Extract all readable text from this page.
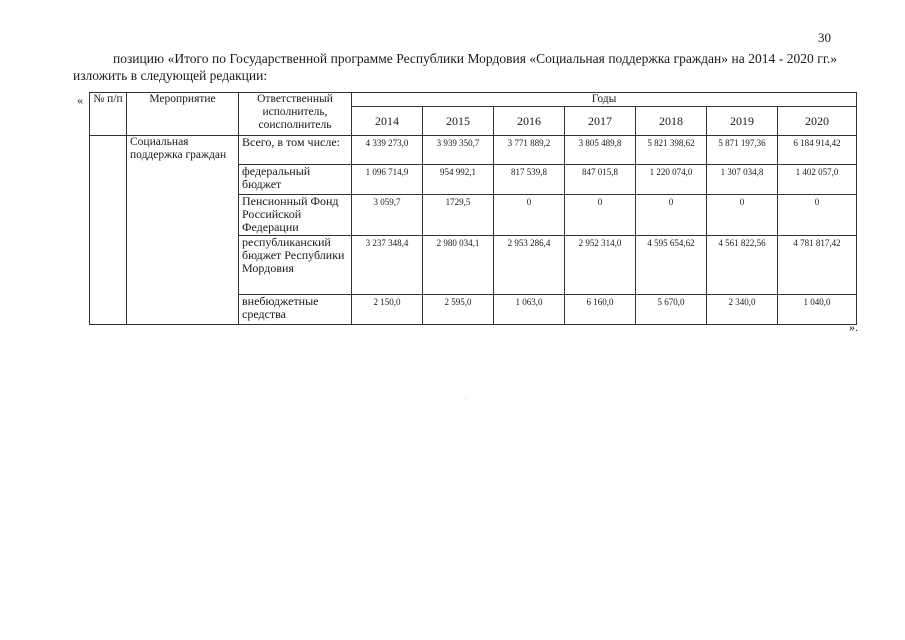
30
позицию «Итого по Государственной программе Республики Мордовия «Социальная поддержка граждан» на 2014 - 2020 гг.» изложить в следующей редакции:
« № п/п	Мероприятие	Ответственный исполнитель, соисполнитель	Годы						
			2014	2015	2016	2017	2018	2019	2020
	Социальная поддержка граждан	Всего, в том числе:	4 339 273,0	3 939 350,7	3 771 889,2	3 805 489,8	5 821 398,62	5 871 197,36	6 184 914,42
		федеральный бюджет	1 096 714,9	954 992,1	817 539,8	847 015,8	1 220 074,0	1 307 034,8	1 402 057,0
		Пенсионный Фонд Российской Федерации	3 059,7	1729,5	0	0	0	0	0
		республиканский бюджет Республики Мордовия	3 237 348,4	2 980 034,1	2 953 286,4	2 952 314,0	4 595 654,62	4 561 822,56	4 781 817,42
		внебюджетные средства	2 150,0	2 595,0	1 063,0	6 160,0	5 670,0	2 340,0	1 040,0
».
